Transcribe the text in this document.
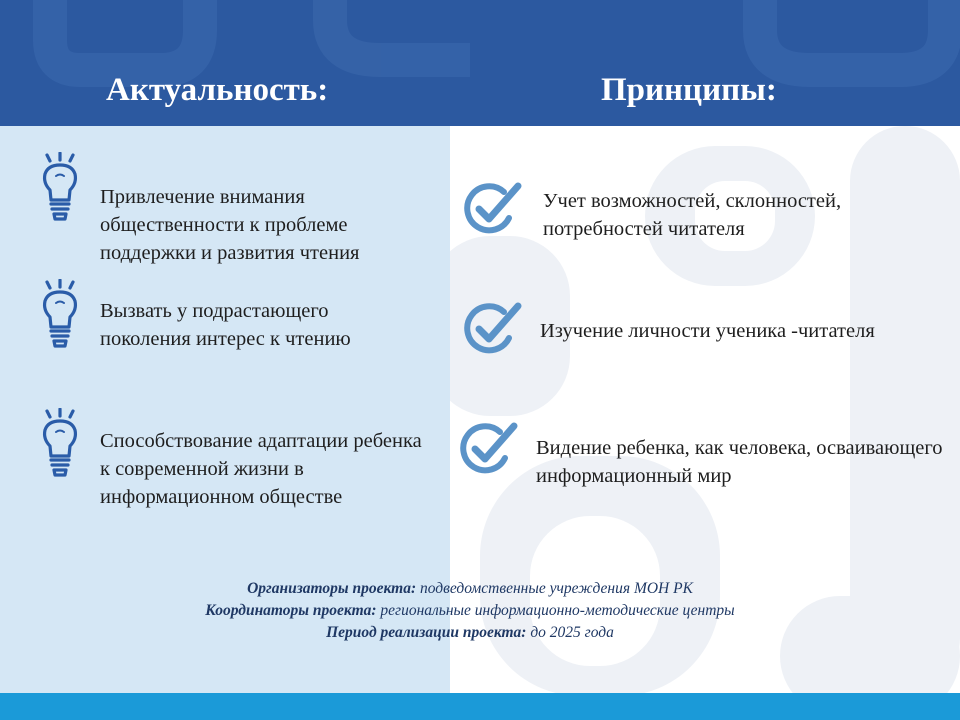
Актуальность:	Принципы:
Привлечение внимания общественности к проблеме поддержки и развития чтения
Вызвать у подрастающего поколения интерес к чтению
Способствование адаптации ребенка к современной жизни в информационном обществе
Учет возможностей, склонностей, потребностей читателя
Изучение личности ученика -читателя
Видение ребенка, как человека, осваивающего информационный мир
Организаторы проекта: подведомственные учреждения МОН РК
Координаторы проекта: региональные информационно-методические центры
Период реализации проекта: до 2025 года
